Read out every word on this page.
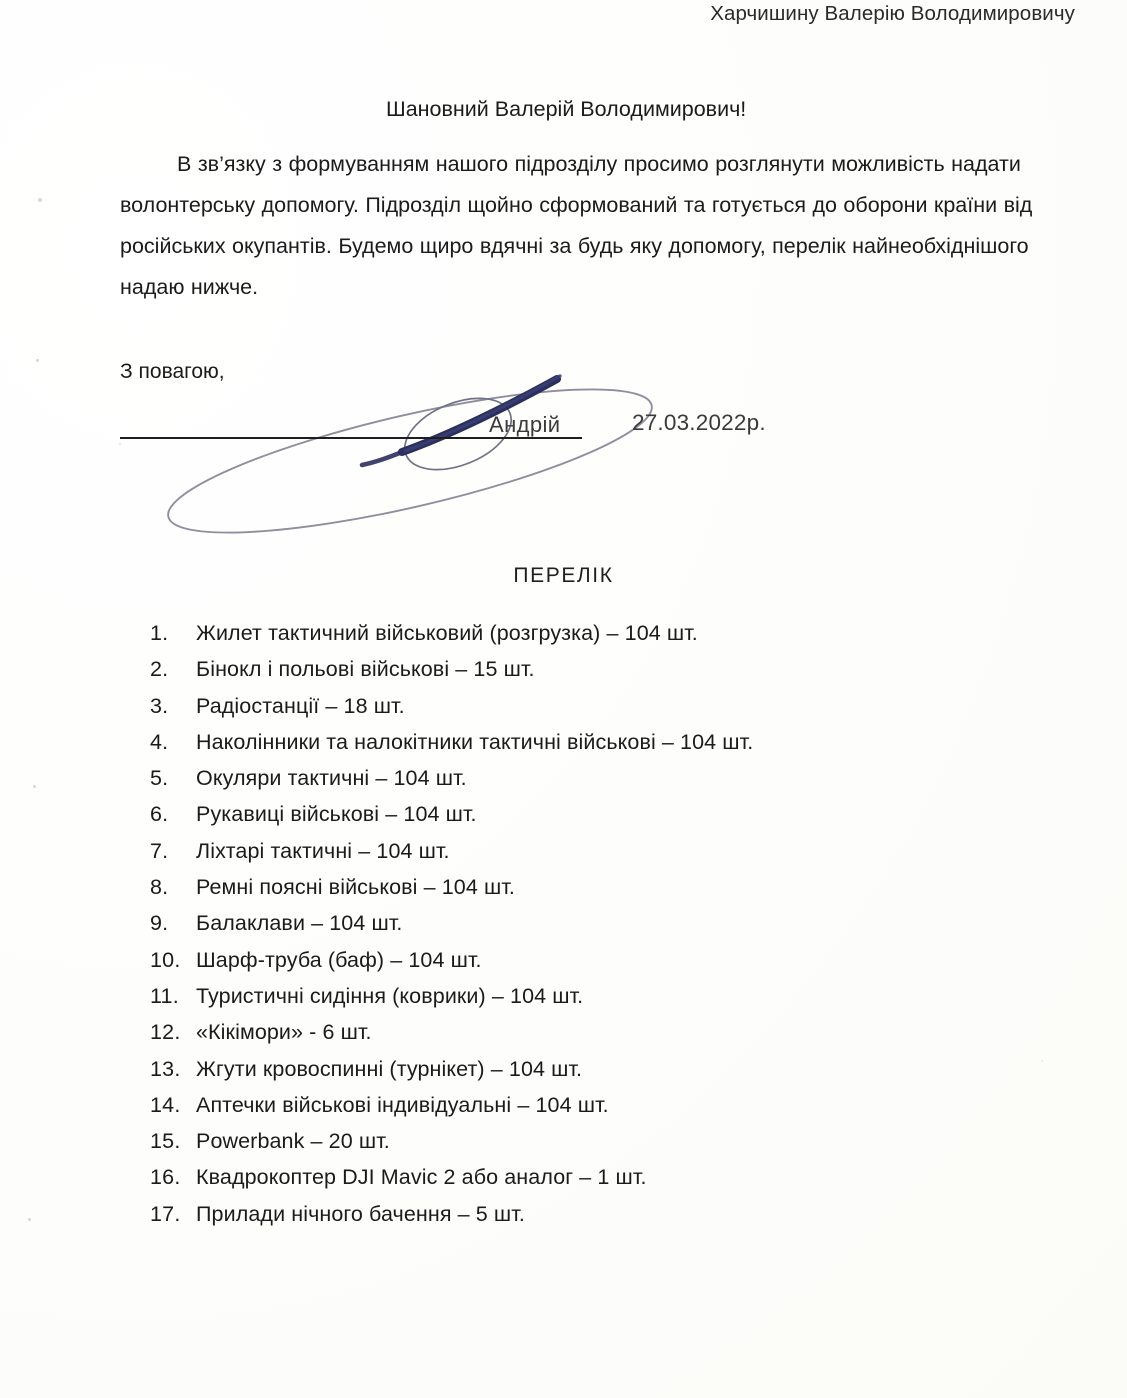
Харчишину Валерію Володимировичу
Шановний Валерій Володимирович!
В зв’язку з формуванням нашого підрозділу просимо розглянути можливість надати волонтерську допомогу. Підрозділ щойно сформований та готується до оборони країни від російських окупантів. Будемо щиро вдячні за будь яку допомогу, перелік найнеобхіднішого надаю нижче.
З повагою,
Андрій	27.03.2022р.
ПЕРЕЛІК
1.	Жилет тактичний військовий (розгрузка) – 104 шт.
2.	Бінокл і польові військові – 15 шт.
3.	Радіостанції – 18 шт.
4.	Наколінники та налокітники тактичні військові – 104 шт.
5.	Окуляри тактичні – 104 шт.
6.	Рукавиці військові – 104 шт.
7.	Ліхтарі тактичні – 104 шт.
8.	Ремні поясні військові – 104 шт.
9.	Балаклави – 104 шт.
10. Шарф-труба (баф) – 104 шт.
11. Туристичні сидіння (коврики) – 104 шт.
12. «Кікімори» - 6 шт.
13. Жгути кровоспинні (турнікет) – 104 шт.
14. Аптечки військові індивідуальні – 104 шт.
15. Powerbank – 20 шт.
16. Квадрокоптер DJI Mavic 2 або аналог – 1 шт.
17. Прилади нічного бачення – 5 шт.
